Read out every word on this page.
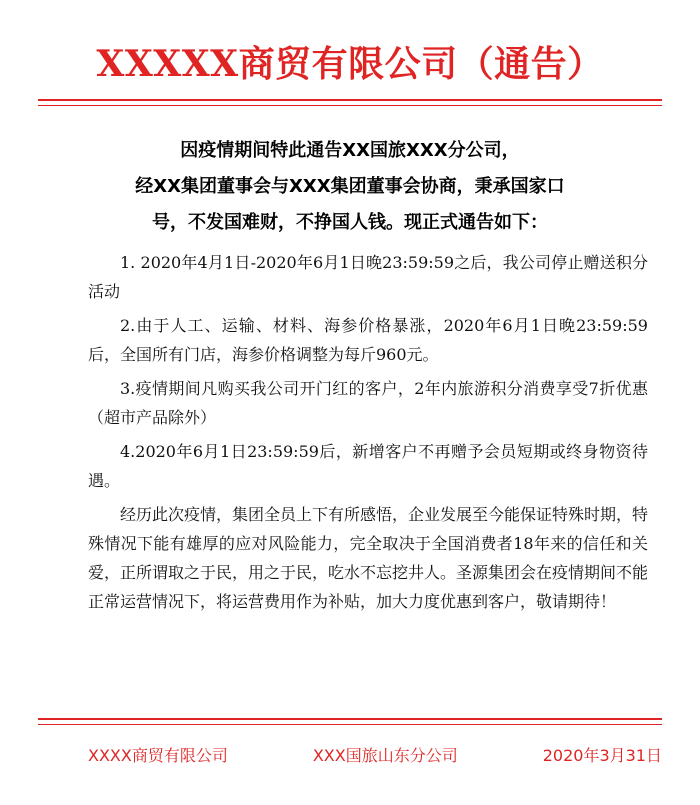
XXXXX商贸有限公司（通告）
因疫情期间特此通告XX国旅XXX分公司，
经XX集团董事会与XXX集团董事会协商，秉承国家口
号，不发国难财，不挣国人钱。现正式通告如下：

1. 2020年4月1日-2020年6月1日晚23:59:59之后，我公司停止赠送积分活动

2.由于人工、运输、材料、海参价格暴涨，2020年6月1日晚23:59:59后，全国所有门店，海参价格调整为每斤960元。

3.疫情期间凡购买我公司开门红的客户，2年内旅游积分消费享受7折优惠（超市产品除外）

4.2020年6月1日23:59:59后，新增客户不再赠予会员短期或终身物资待遇。

经历此次疫情，集团全员上下有所感悟，企业发展至今能保证特殊时期，特殊情况下能有雄厚的应对风险能力，完全取决于全国消费者18年来的信任和关爱，正所谓取之于民，用之于民，吃水不忘挖井人。圣源集团会在疫情期间不能正常运营情况下，将运营费用作为补贴，加大力度优惠到客户，敬请期待！

XXXX商贸有限公司	XXX国旅山东分公司	2020年3月31日
